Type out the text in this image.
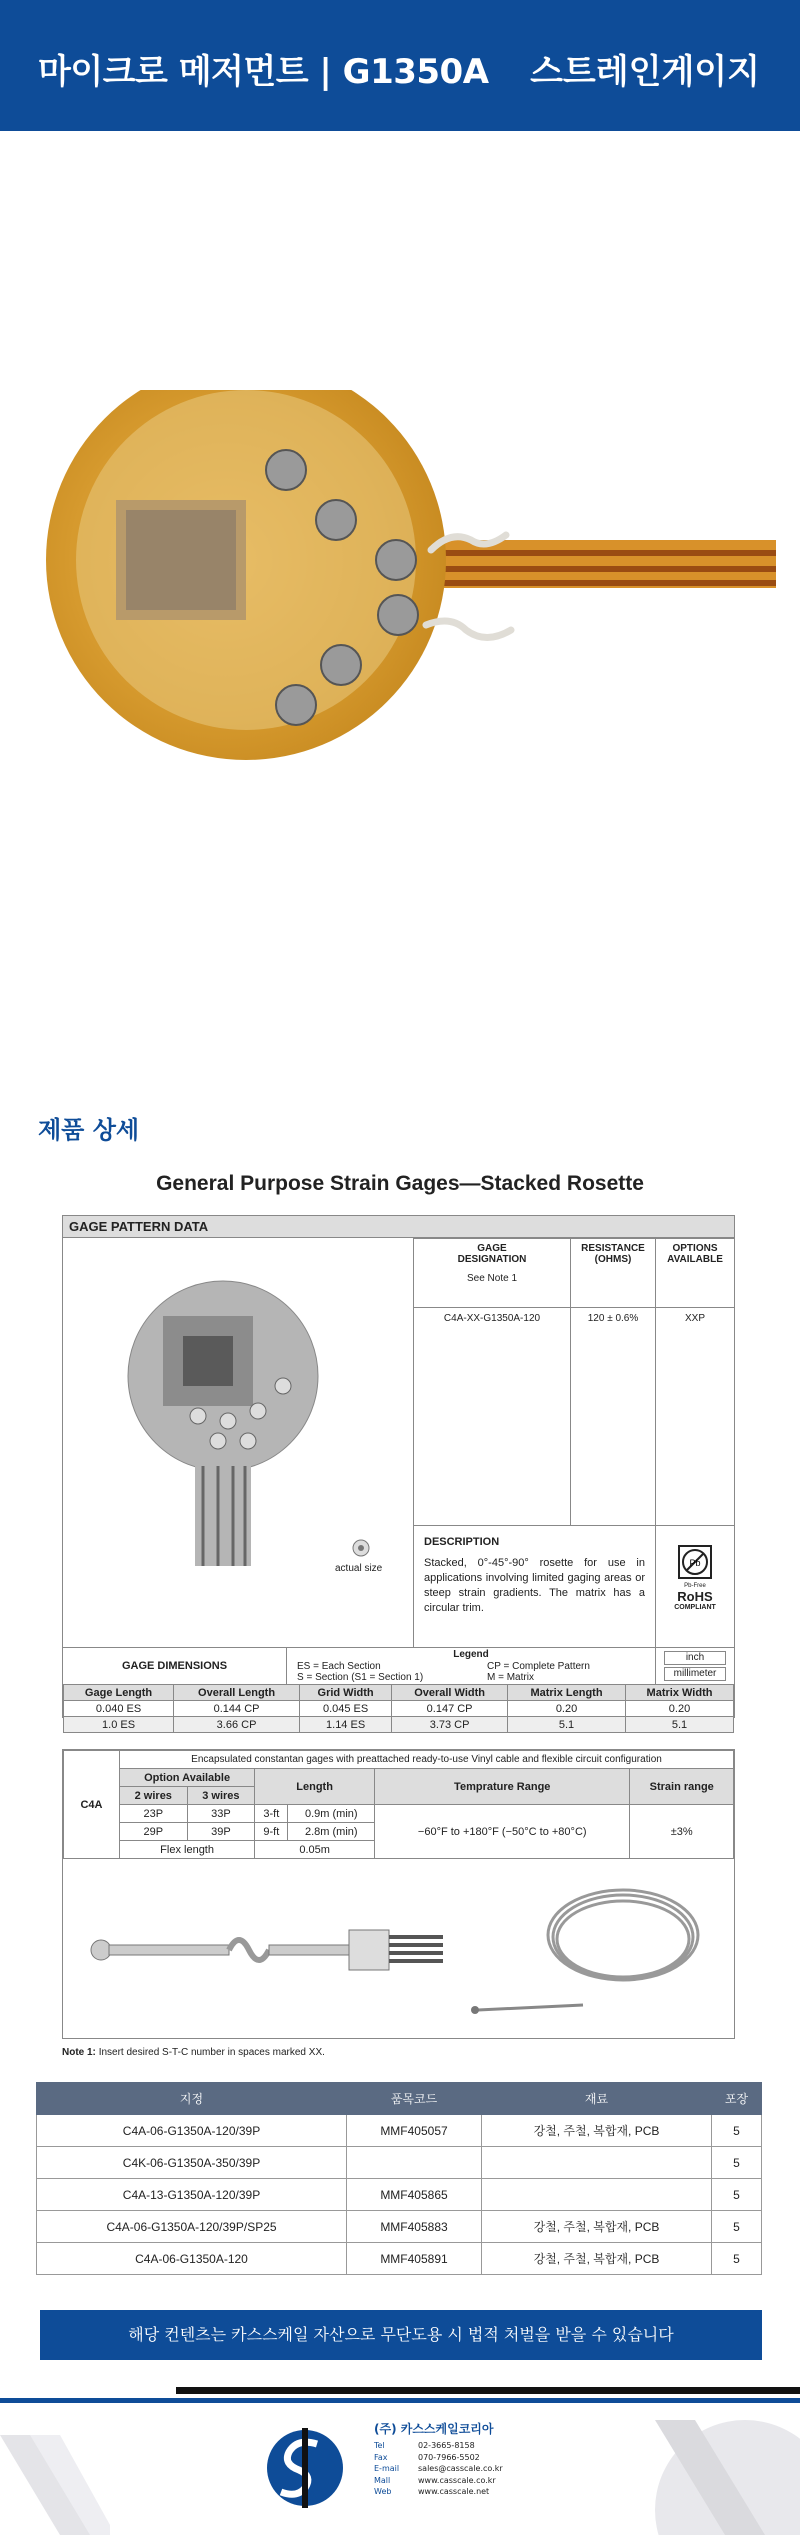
마이크로 메저먼트 | G1350A 스트레인게이지
제품 상세
General Purpose Strain Gages—Stacked Rosette
GAGE PATTERN DATA
actual size
GAGE DESIGNATION
See Note 1
RESISTANCE (OHMS)
OPTIONS AVAILABLE
C4A-XX-G1350A-120	120 ± 0.6%	XXP
DESCRIPTION
Stacked, 0°-45°-90° rosette for use in applications involving limited gaging areas or steep strain gradients. The matrix has a circular trim.
Pb
Pb-Free
RoHS
COMPLIANT
GAGE DIMENSIONS
Legend
ES = Each Section
S = Section (S1 = Section 1)
CP = Complete Pattern
M = Matrix
inch
millimeter
Gage Length	Overall Length	Grid Width	Overall Width	Matrix Length	Matrix Width
0.040 ES	0.144 CP	0.045 ES	0.147 CP	0.20	0.20
1.0 ES	3.66 CP	1.14 ES	3.73 CP	5.1	5.1
C4A	Encapsulated constantan gages with preattached ready-to-use Vinyl cable and flexible circuit configuration					
	Option Available		Length		Temprature Range	Strain range
	2 wires	3 wires				
	23P	33P	3-ft	0.9m (min)	−60°F to +180°F (−50°C to +80°C)	±3%
	29P	39P	9-ft	2.8m (min)		
	Flex length		0.05m			
Note 1: Insert desired S-T-C number in spaces marked XX.
지정	품목코드	재료	포장
C4A-06-G1350A-120/39P	MMF405057	강철, 주철, 복합재, PCB	5
C4K-06-G1350A-350/39P			5
C4A-13-G1350A-120/39P	MMF405865		5
C4A-06-G1350A-120/39P/SP25	MMF405883	강철, 주철, 복합재, PCB	5
C4A-06-G1350A-120	MMF405891	강철, 주철, 복합재, PCB	5
해당 컨텐츠는 카스스케일 자산으로 무단도용 시 법적 처벌을 받을 수 있습니다
(주) 카스스케일코리아
Tel	02-3665-8158
Fax	070-7966-5502
E-mail sales@casscale.co.kr
Mall	www.casscale.co.kr
Web	www.casscale.net
